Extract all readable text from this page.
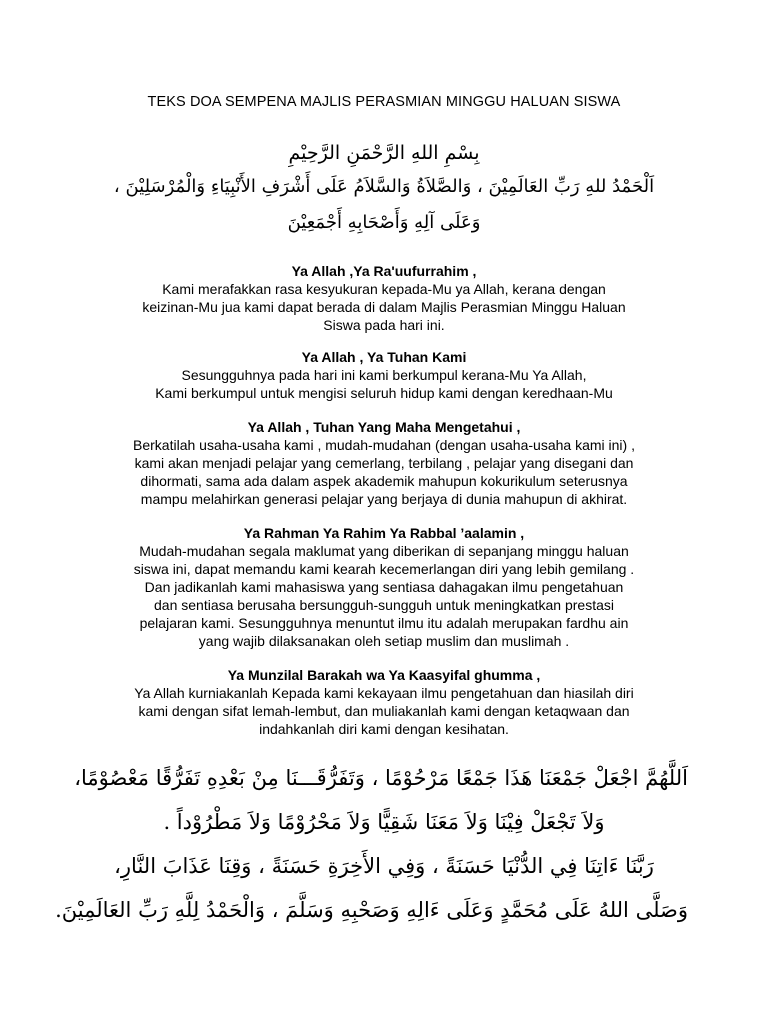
TEKS DOA SEMPENA MAJLIS PERASMIAN MINGGU HALUAN SISWA
بِسْمِ اللهِ الرَّحْمَنِ الرَّحِيْمِ
اَلْحَمْدُ للهِ رَبِّ العَالَمِيْنَ ، وَالصَّلاَةُ وَالسَّلاَمُ عَلَى أَشْرَفِ الأَنْبِيَاءِ وَالْمُرْسَلِيْنَ ،
وَعَلَى آلِهِ وَأَصْحَابِهِ أَجْمَعِيْنَ
Ya Allah ,Ya Ra'uufurrahim ,
Kami merafakkan rasa kesyukuran kepada-Mu ya Allah, kerana dengan
keizinan-Mu jua kami dapat berada di dalam Majlis Perasmian Minggu Haluan
Siswa pada hari ini.
Ya Allah , Ya Tuhan Kami
Sesungguhnya pada hari ini kami berkumpul kerana-Mu Ya Allah,
Kami berkumpul untuk mengisi seluruh hidup kami dengan keredhaan-Mu
Ya Allah , Tuhan Yang Maha Mengetahui ,
Berkatilah usaha-usaha kami , mudah-mudahan (dengan usaha-usaha kami ini) ,
kami akan menjadi pelajar yang cemerlang, terbilang , pelajar yang disegani dan
dihormati, sama ada dalam aspek akademik mahupun kokurikulum seterusnya
mampu melahirkan generasi pelajar yang berjaya di dunia mahupun di akhirat.
Ya Rahman Ya Rahim Ya Rabbal ’aalamin ,
Mudah-mudahan segala maklumat yang diberikan di sepanjang minggu haluan
siswa ini, dapat memandu kami kearah kecemerlangan diri yang lebih gemilang .
Dan jadikanlah kami mahasiswa yang sentiasa dahagakan ilmu pengetahuan
dan sentiasa berusaha bersungguh-sungguh untuk meningkatkan prestasi
pelajaran kami. Sesungguhnya menuntut ilmu itu adalah merupakan fardhu ain
yang wajib dilaksanakan oleh setiap muslim dan muslimah .
Ya Munzilal Barakah wa Ya Kaasyifal ghumma ,
Ya Allah kurniakanlah Kepada kami kekayaan ilmu pengetahuan dan hiasilah diri
kami dengan sifat lemah-lembut, dan muliakanlah kami dengan ketaqwaan dan
indahkanlah diri kami dengan kesihatan.
اَللَّهُمَّ اجْعَلْ جَمْعَنَا هَذَا جَمْعًا مَرْحُوْمًا ، وَتَفَرُّقَـــنَا مِنْ بَعْدِهِ تَفَرُّقًا مَعْصُوْمًا،
وَلاَ تَجْعَلْ فِيْنَا وَلاَ مَعَنَا شَقِيًّا وَلاَ مَحْرُوْمًا وَلاَ مَطْرُوْداً .
رَبَّنَا ءَاتِنَا فِي الدُّنْيَا حَسَنَةً ، وَفِي الأَخِرَةِ حَسَنَةً ، وَقِنَا عَذَابَ النَّارِ،
وَصَلَّى اللهُ عَلَى مُحَمَّدٍ وَعَلَى ءَالِهِ وَصَحْبِهِ وَسَلَّمَ ، وَالْحَمْدُ لِلَّهِ رَبِّ العَالَمِيْنَ.
